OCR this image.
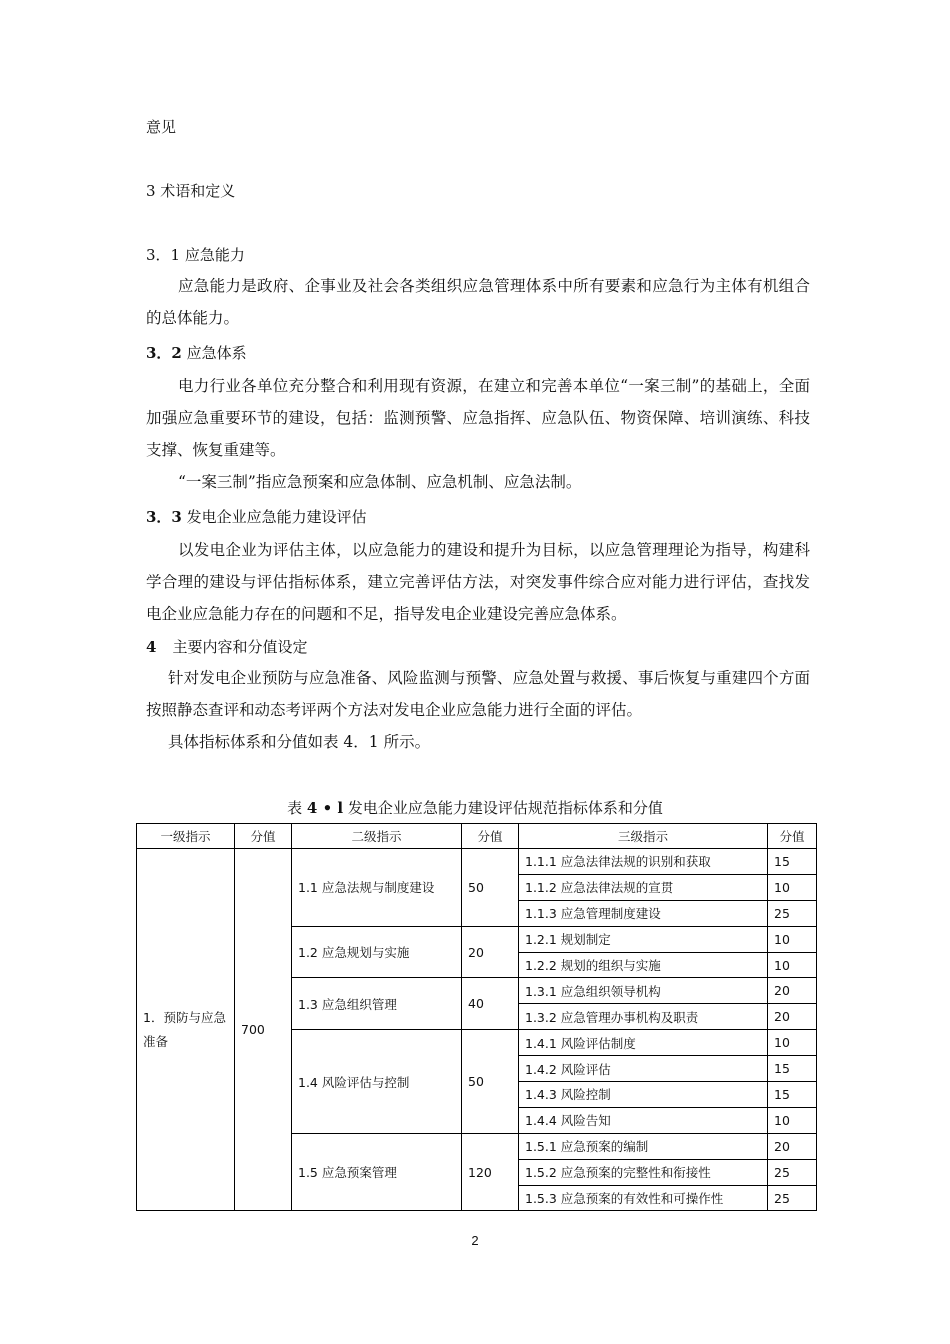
意见
3 术语和定义
3．1 应急能力
应急能力是政府、企事业及社会各类组织应急管理体系中所有要素和应急行为主体有机组合的总体能力。
3．2 应急体系
电力行业各单位充分整合和利用现有资源，在建立和完善本单位“一案三制”的基础上，全面加强应急重要环节的建设，包括：监测预警、应急指挥、应急队伍、物资保障、培训演练、科技支撑、恢复重建等。
“一案三制”指应急预案和应急体制、应急机制、应急法制。
3．3 发电企业应急能力建设评估
以发电企业为评估主体，以应急能力的建设和提升为目标，以应急管理理论为指导，构建科学合理的建设与评估指标体系，建立完善评估方法，对突发事件综合应对能力进行评估，查找发电企业应急能力存在的问题和不足，指导发电企业建设完善应急体系。
4 主要内容和分值设定
针对发电企业预防与应急准备、风险监测与预警、应急处置与救援、事后恢复与重建四个方面按照静态查评和动态考评两个方法对发电企业应急能力进行全面的评估。
具体指标体系和分值如表 4．1 所示。
表 4 • l 发电企业应急能力建设评估规范指标体系和分值
一级指示	分值	二级指示	分值	三级指示	分值
1．预防与应急准备	700	1.1 应急法规与制度建设	50	1.1.1 应急法律法规的识别和获取	15
				1.1.2 应急法律法规的宣贯	10
				1.1.3 应急管理制度建设	25
		1.2 应急规划与实施	20	1.2.1 规划制定	10
				1.2.2 规划的组织与实施	10
		1.3 应急组织管理	40	1.3.1 应急组织领导机构	20
				1.3.2 应急管理办事机构及职责	20
		1.4 风险评估与控制	50	1.4.1 风险评估制度	10
				1.4.2 风险评估	15
				1.4.3 风险控制	15
				1.4.4 风险告知	10
		1.5 应急预案管理	120	1.5.1 应急预案的编制	20
				1.5.2 应急预案的完整性和衔接性	25
				1.5.3 应急预案的有效性和可操作性	25
2
